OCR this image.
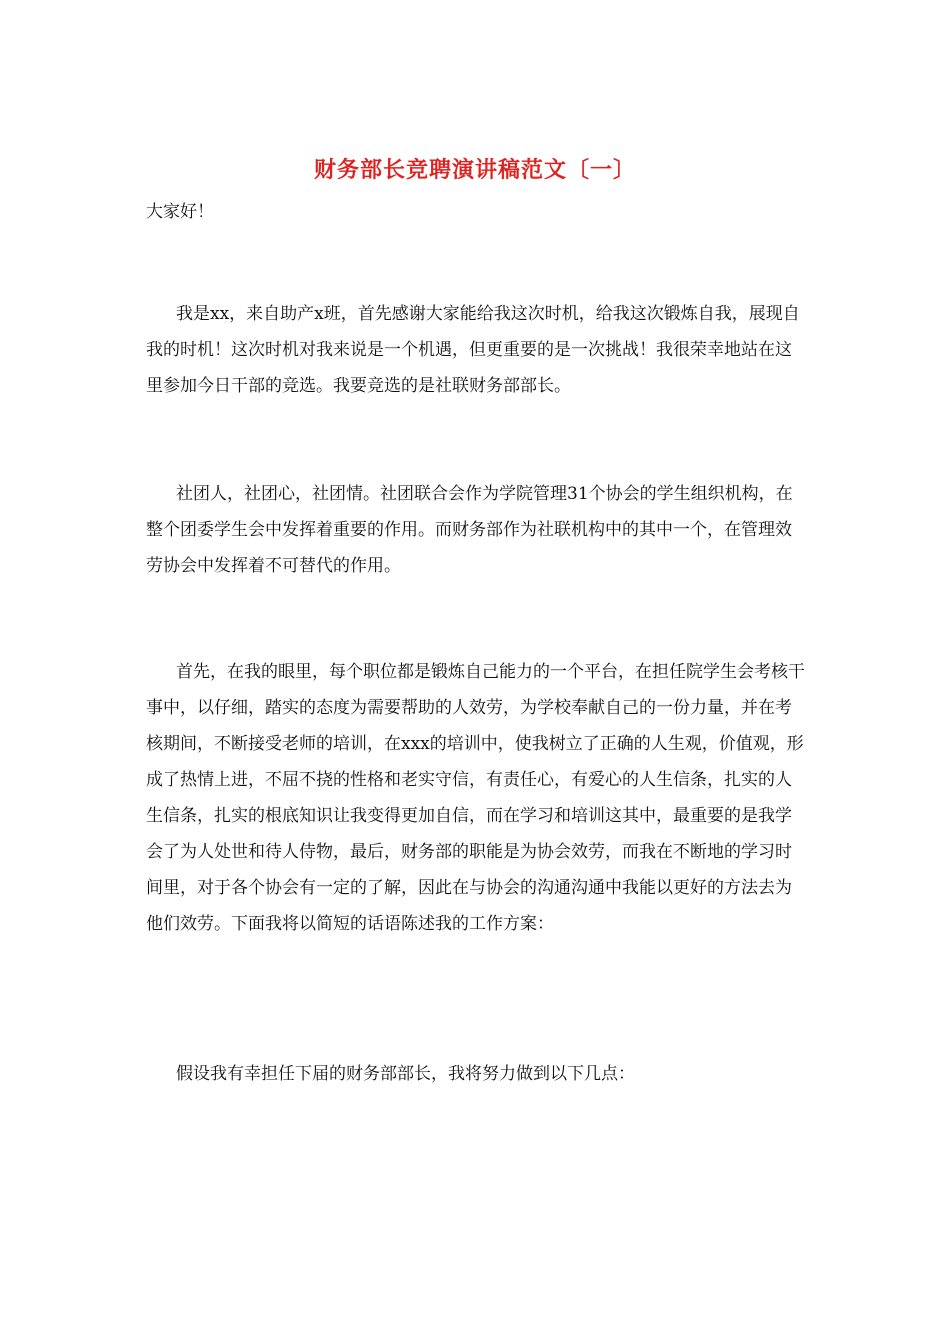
财务部长竞聘演讲稿范文〔一〕
大家好！
我是xx，来自助产x班，首先感谢大家能给我这次时机，给我这次锻炼自我，展现自我的时机！这次时机对我来说是一个机遇，但更重要的是一次挑战！我很荣幸地站在这里参加今日干部的竞选。我要竞选的是社联财务部部长。
社团人，社团心，社团情。社团联合会作为学院管理31个协会的学生组织机构，在整个团委学生会中发挥着重要的作用。而财务部作为社联机构中的其中一个，在管理效劳协会中发挥着不可替代的作用。
首先，在我的眼里，每个职位都是锻炼自己能力的一个平台，在担任院学生会考核干事中，以仔细，踏实的态度为需要帮助的人效劳，为学校奉献自己的一份力量，并在考核期间，不断接受老师的培训，在xxx的培训中，使我树立了正确的人生观，价值观，形成了热情上进，不屈不挠的性格和老实守信，有责任心，有爱心的人生信条，扎实的人生信条，扎实的根底知识让我变得更加自信，而在学习和培训这其中，最重要的是我学会了为人处世和待人侍物，最后，财务部的职能是为协会效劳，而我在不断地的学习时间里，对于各个协会有一定的了解，因此在与协会的沟通沟通中我能以更好的方法去为他们效劳。下面我将以简短的话语陈述我的工作方案：
假设我有幸担任下届的财务部部长，我将努力做到以下几点：
